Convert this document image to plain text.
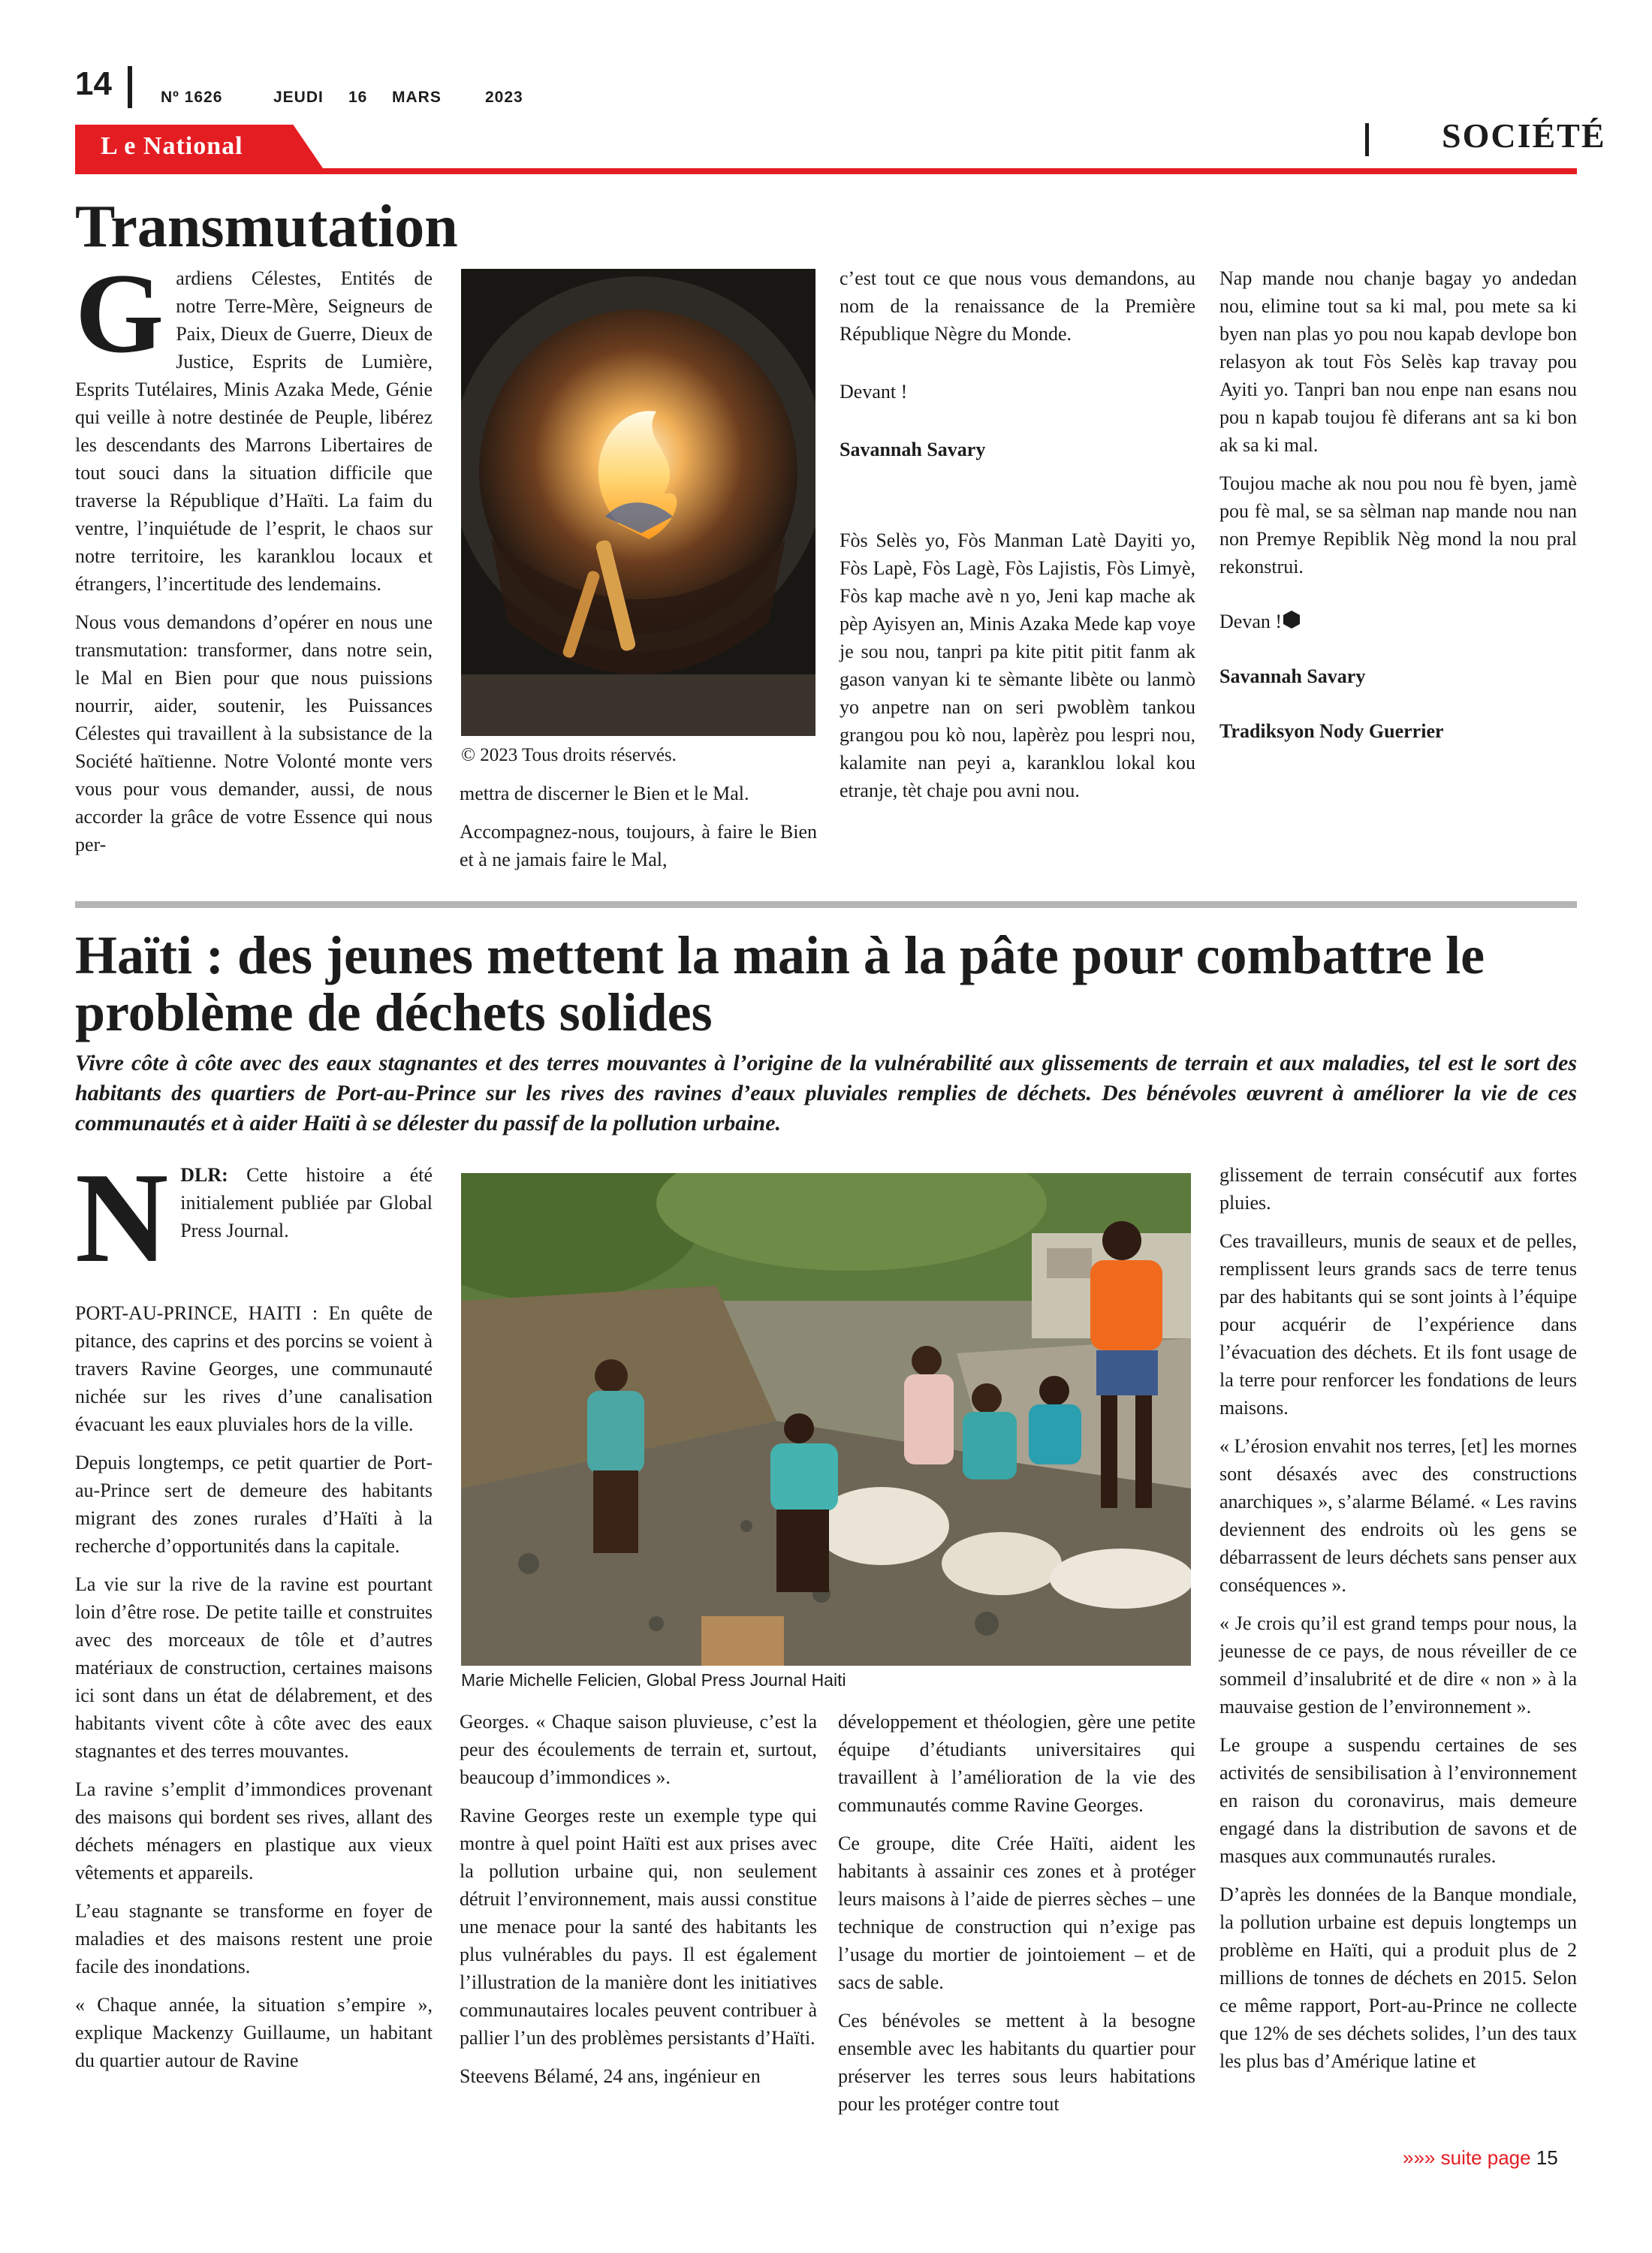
14	Nº 1626	JEUDI 16 MARS	2023
L e National	SOCIÉTÉ
Transmutation

Gardiens Célestes, Entités de notre Terre-Mère, Seigneurs de Paix, Dieux de Guerre, Dieux de Justice, Esprits de Lumière, Esprits Tutélaires, Minis Azaka Mede, Génie qui veille à notre destinée de Peuple, libérez les descendants des Marrons Libertaires de tout souci dans la situation difficile que traverse la République d’Haïti. La faim du ventre, l’inquiétude de l’esprit, le chaos sur notre territoire, les karanklou locaux et étrangers, l’incertitude des lendemains.

Nous vous demandons d’opérer en nous une transmutation: transformer, dans notre sein, le Mal en Bien pour que nous puissions nourrir, aider, soutenir, les Puissances Célestes qui travaillent à la subsistance de la Société haïtienne. Notre Volonté monte vers vous pour vous demander, aussi, de nous accorder la grâce de votre Essence qui nous per-

© 2023 Tous droits réservés.

mettra de discerner le Bien et le Mal.

Accompagnez-nous, toujours, à faire le Bien et à ne jamais faire le Mal,

c’est tout ce que nous vous demandons, au nom de la renaissance de la Première République Nègre du Monde.

Devant !

Savannah Savary

Fòs Selès yo, Fòs Manman Latè Dayiti yo, Fòs Lapè, Fòs Lagè, Fòs Lajistis, Fòs Limyè, Fòs kap mache avè n yo, Jeni kap mache ak pèp Ayisyen an, Minis Azaka Mede kap voye je sou nou, tanpri pa kite pitit pitit fanm ak gason vanyan ki te sèmante libète ou lanmò yo anpetre nan on seri pwoblèm tankou grangou pou kò nou, lapèrèz pou lespri nou, kalamite nan peyi a, karanklou lokal kou etranje, tèt chaje pou avni nou.

Nap mande nou chanje bagay yo andedan nou, elimine tout sa ki mal, pou mete sa ki byen nan plas yo pou nou kapab devlope bon relasyon ak tout Fòs Selès kap travay pou Ayiti yo. Tanpri ban nou enpe nan esans nou pou n kapab toujou fè diferans ant sa ki bon ak sa ki mal.

Toujou mache ak nou pou nou fè byen, jamè pou fè mal, se sa sèlman nap mande nou nan non Premye Repiblik Nèg mond la nou pral rekonstrui.

Devan !

Savannah Savary

Tradiksyon Nody Guerrier

Haïti : des jeunes mettent la main à la pâte pour combattre le problème de déchets solides
Vivre côte à côte avec des eaux stagnantes et des terres mouvantes à l’origine de la vulnérabilité aux glissements de terrain et aux maladies, tel est le sort des habitants des quartiers de Port-au-Prince sur les rives des ravines d’eaux pluviales remplies de déchets. Des bénévoles œuvrent à améliorer la vie de ces communautés et à aider Haïti à se délester du passif de la pollution urbaine.

NDLR: Cette histoire a été initialement publiée par Global Press Journal.

PORT-AU-PRINCE, HAITI : En quête de pitance, des caprins et des porcins se voient à travers Ravine Georges, une communauté nichée sur les rives d’une canalisation évacuant les eaux pluviales hors de la ville.

Depuis longtemps, ce petit quartier de Port-au-Prince sert de demeure des habitants migrant des zones rurales d’Haïti à la recherche d’opportunités dans la capitale.

La vie sur la rive de la ravine est pourtant loin d’être rose. De petite taille et construites avec des morceaux de tôle et d’autres matériaux de construction, certaines maisons ici sont dans un état de délabrement, et des habitants vivent côte à côte avec des eaux stagnantes et des terres mouvantes.

La ravine s’emplit d’immondices provenant des maisons qui bordent ses rives, allant des déchets ménagers en plastique aux vieux vêtements et appareils.

L’eau stagnante se transforme en foyer de maladies et des maisons restent une proie facile des inondations.

« Chaque année, la situation s’empire », explique Mackenzy Guillaume, un habitant du quartier autour de Ravine

Marie Michelle Felicien, Global Press Journal Haiti

Georges. « Chaque saison pluvieuse, c’est la peur des écoulements de terrain et, surtout, beaucoup d’immondices ».

Ravine Georges reste un exemple type qui montre à quel point Haïti est aux prises avec la pollution urbaine qui, non seulement détruit l’environnement, mais aussi constitue une menace pour la santé des habitants les plus vulnérables du pays. Il est également l’illustration de la manière dont les initiatives communautaires locales peuvent contribuer à pallier l’un des problèmes persistants d’Haïti.

Steevens Bélamé, 24 ans, ingénieur en

développement et théologien, gère une petite équipe d’étudiants universitaires qui travaillent à l’amélioration de la vie des communautés comme Ravine Georges.

Ce groupe, dite Crée Haïti, aident les habitants à assainir ces zones et à protéger leurs maisons à l’aide de pierres sèches – une technique de construction qui n’exige pas l’usage du mortier de jointoiement – et de sacs de sable.

Ces bénévoles se mettent à la besogne ensemble avec les habitants du quartier pour préserver les terres sous leurs habitations pour les protéger contre tout

glissement de terrain consécutif aux fortes pluies.

Ces travailleurs, munis de seaux et de pelles, remplissent leurs grands sacs de terre tenus par des habitants qui se sont joints à l’équipe pour acquérir de l’expérience dans l’évacuation des déchets. Et ils font usage de la terre pour renforcer les fondations de leurs maisons.

« L’érosion envahit nos terres, [et] les mornes sont désaxés avec des constructions anarchiques », s’alarme Bélamé. « Les ravins deviennent des endroits où les gens se débarrassent de leurs déchets sans penser aux conséquences ».

« Je crois qu’il est grand temps pour nous, la jeunesse de ce pays, de nous réveiller de ce sommeil d’insalubrité et de dire « non » à la mauvaise gestion de l’environnement ».

Le groupe a suspendu certaines de ses activités de sensibilisation à l’environnement en raison du coronavirus, mais demeure engagé dans la distribution de savons et de masques aux communautés rurales.

D’après les données de la Banque mondiale, la pollution urbaine est depuis longtemps un problème en Haïti, qui a produit plus de 2 millions de tonnes de déchets en 2015. Selon ce même rapport, Port-au-Prince ne collecte que 12% de ses déchets solides, l’un des taux les plus bas d’Amérique latine et

»»» suite page 15
